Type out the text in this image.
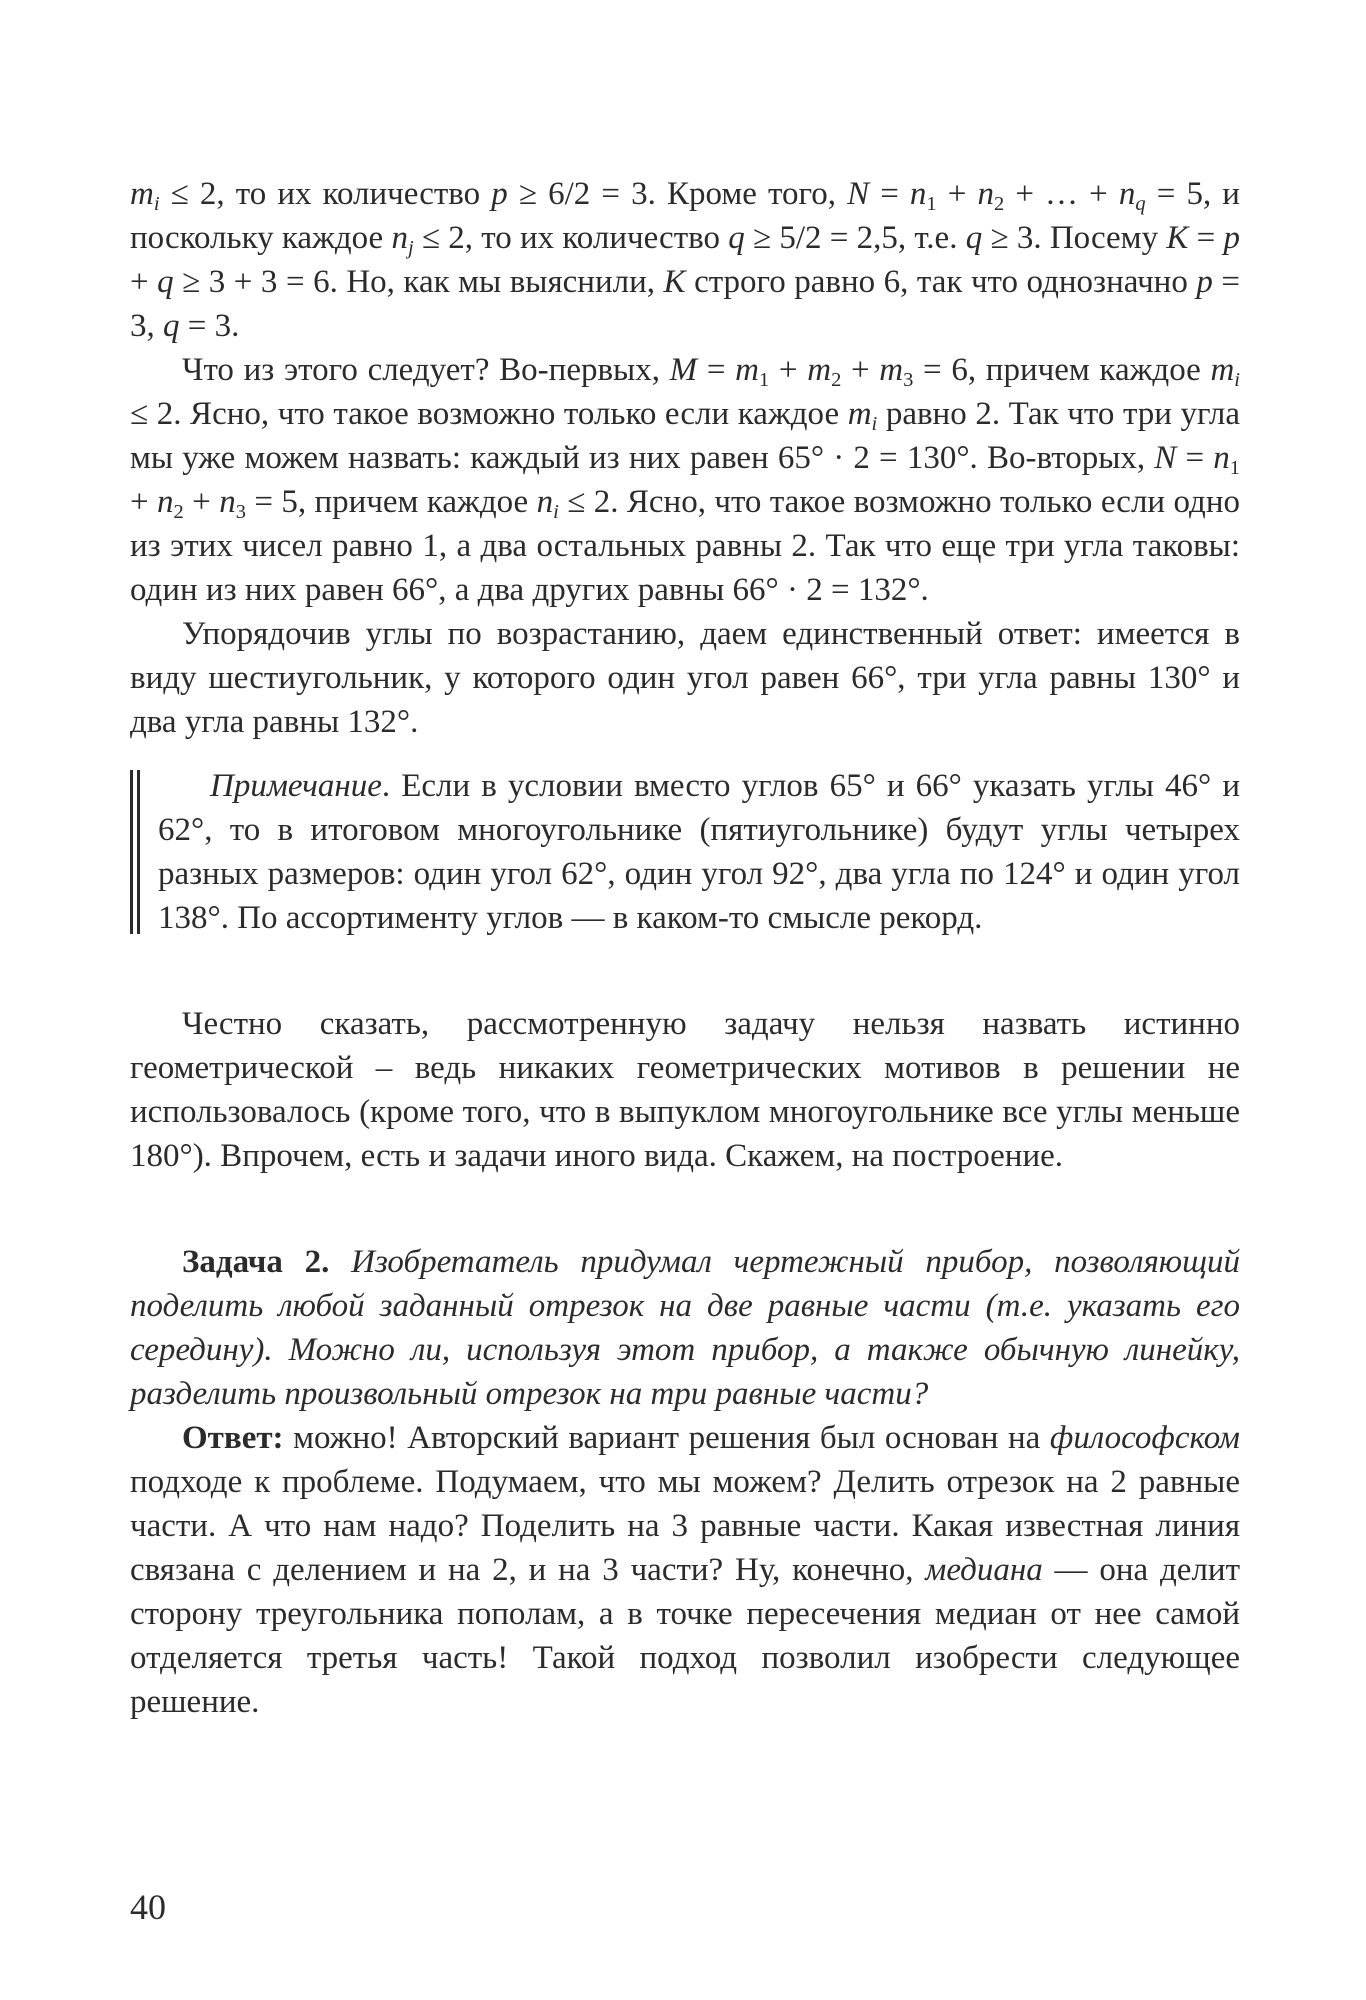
$m_i \le 2$, то их количество p ≥ 6/2 = 3. Кроме того, $N = n_1 + n_2$ + … + $n_q = 5$, и поскольку каждое $n_j \le 2$, то их количество q ≥ 5/2 = 2,5, т.е. q ≥ 3. Посему K = p + q ≥ 3 + 3 = 6. Но, как мы выяснили, K строго равно 6, так что однозначно p = 3, q = 3.

Что из этого следует? Во-первых, $M = m_1 + m_2 + m_3 = 6$, причем каждое $m_i \le 2$. Ясно, что такое возможно только если каждое $m_i$ равно 2. Так что три угла мы уже можем назвать: каждый из них равен 65° · 2 = 130°. Во-вторых, $N = n_1 + n_2 + n_3 = 5$, причем каждое $n_i \le 2$. Ясно, что такое возможно только если одно из этих чисел равно 1, а два остальных равны 2. Так что еще три угла таковы: один из них равен 66°, а два других равны 66° · 2 = 132°.

Упорядочив углы по возрастанию, даем единственный ответ: имеется в виду шестиугольник, у которого один угол равен 66°, три угла равны 130° и два угла равны 132°.

Примечание. Если в условии вместо углов 65° и 66° указать углы 46° и 62°, то в итоговом многоугольнике (пятиугольнике) будут углы четырех разных размеров: один угол 62°, один угол 92°, два угла по 124° и один угол 138°. По ассортименту углов — в каком-то смысле рекорд.

Честно сказать, рассмотренную задачу нельзя назвать истинно геометрической – ведь никаких геометрических мотивов в решении не использовалось (кроме того, что в выпуклом многоугольнике все углы меньше 180°). Впрочем, есть и задачи иного вида. Скажем, на построение.

Задача 2. Изобретатель придумал чертежный прибор, позволяющий поделить любой заданный отрезок на две равные части (т.е. указать его середину). Можно ли, используя этот прибор, а также обычную линейку, разделить произвольный отрезок на три равные части?

Ответ: можно! Авторский вариант решения был основан на философском подходе к проблеме. Подумаем, что мы можем? Делить отрезок на 2 равные части. А что нам надо? Поделить на 3 равные части. Какая известная линия связана с делением и на 2, и на 3 части? Ну, конечно, медиана — она делит сторону треугольника пополам, а в точке пересечения медиан от нее самой отделяется третья часть! Такой подход позволил изобрести следующее решение.

40
